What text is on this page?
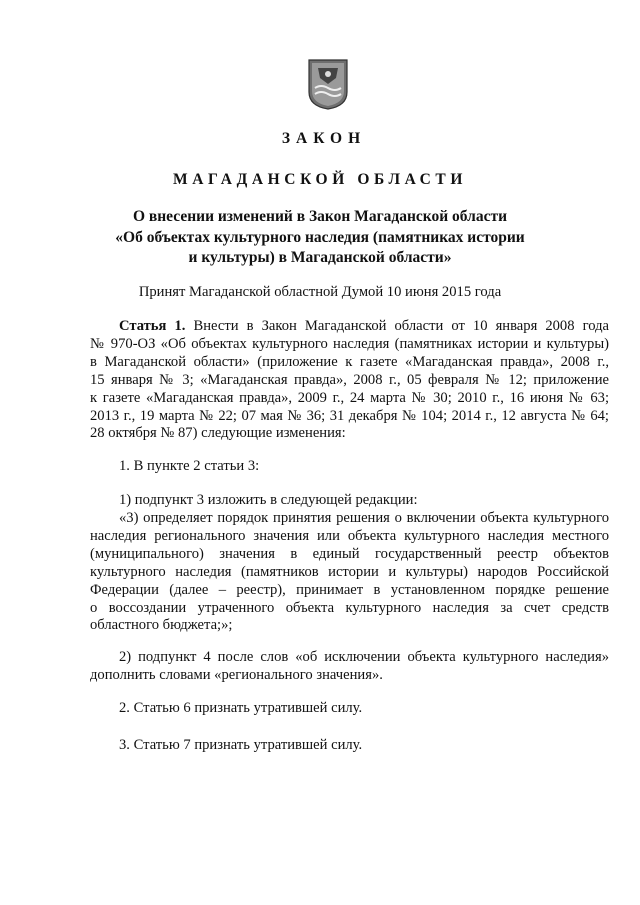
ЗАКОН
МАГАДАНСКОЙ ОБЛАСТИ
О внесении изменений в Закон Магаданской области
«Об объектах культурного наследия (памятниках истории
и культуры) в Магаданской области»
Принят Магаданской областной Думой 10 июня 2015 года
Статья 1. Внести в Закон Магаданской области от 10 января 2008 года
№ 970-ОЗ «Об объектах культурного наследия (памятниках истории и культуры)
в Магаданской области» (приложение к газете «Магаданская правда», 2008 г.,
15 января № 3; «Магаданская правда», 2008 г., 05 февраля № 12; приложение
к газете «Магаданская правда», 2009 г., 24 марта № 30; 2010 г., 16 июня № 63;
2013 г., 19 марта № 22; 07 мая № 36; 31 декабря № 104; 2014 г., 12 августа № 64;
28 октября № 87) следующие изменения:
1. В пункте 2 статьи 3:
1) подпункт 3 изложить в следующей редакции:
«3) определяет порядок принятия решения о включении объекта культурного
наследия регионального значения или объекта культурного наследия местного
(муниципального) значения в единый государственный реестр объектов
культурного наследия (памятников истории и культуры) народов Российской
Федерации (далее – реестр), принимает в установленном порядке решение
о воссоздании утраченного объекта культурного наследия за счет средств
областного бюджета;»;
2) подпункт 4 после слов «об исключении объекта культурного наследия»
дополнить словами «регионального значения».
2. Статью 6 признать утратившей силу.
3. Статью 7 признать утратившей силу.
